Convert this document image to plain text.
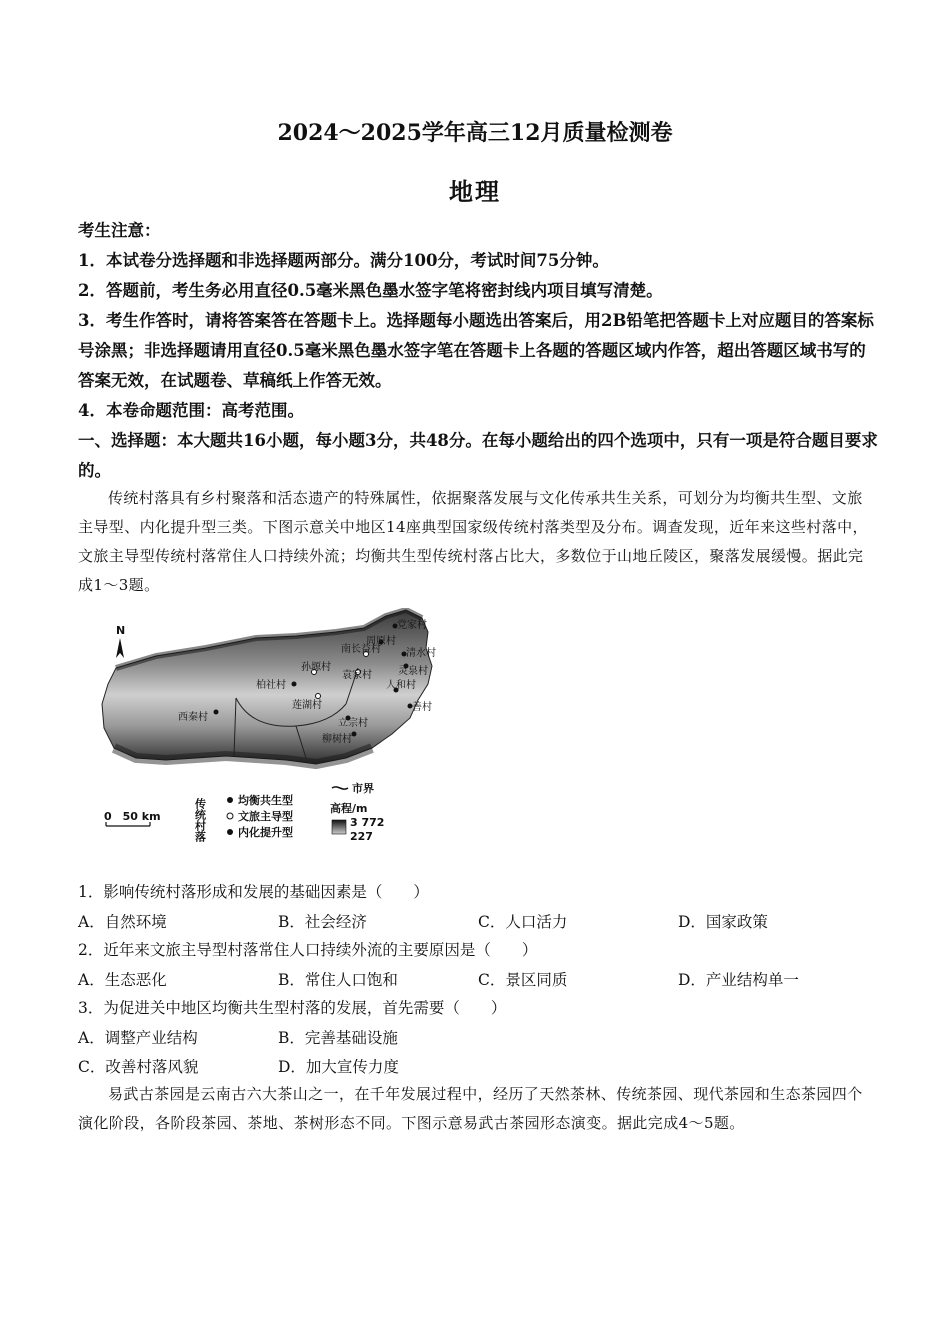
2024～2025学年高三12月质量检测卷
地理
考生注意：
1．本试卷分选择题和非选择题两部分。满分100分，考试时间75分钟。
2．答题前，考生务必用直径0.5毫米黑色墨水签字笔将密封线内项目填写清楚。
3．考生作答时，请将答案答在答题卡上。选择题每小题选出答案后，用2B铅笔把答题卡上对应题目的答案标号涂黑；非选择题请用直径0.5毫米黑色墨水签字笔在答题卡上各题的答题区域内作答，超出答题区域书写的答案无效，在试题卷、草稿纸上作答无效。
4．本卷命题范围：高考范围。
一、选择题：本大题共16小题，每小题3分，共48分。在每小题给出的四个选项中，只有一项是符合题目要求的。
传统村落具有乡村聚落和活态遗产的特殊属性，依据聚落发展与文化传承共生关系，可划分为均衡共生型、文旅主导型、内化提升型三类。下图示意关中地区14座典型国家级传统村落类型及分布。调查发现，近年来这些村落中，文旅主导型传统村落常住人口持续外流；均衡共生型传统村落占比大，多数位于山地丘陵区，聚落发展缓慢。据此完成1～3题。
N	党家村
周原村
南长益村	清水村
灵泉村
孙塬村
袁家村
人和村
柏社村
莲湖村
西秦村
善村
立宗村
柳树村
0　50 km	传统村落	均衡共生型
文旅主导型
内化提升型
市界
高程/m
3 772
227
1．影响传统村落形成和发展的基础因素是（　　）
A．自然环境	B．社会经济	C．人口活力	D．国家政策
2．近年来文旅主导型村落常住人口持续外流的主要原因是（　　）
A．生态恶化	B．常住人口饱和	C．景区同质	D．产业结构单一
3．为促进关中地区均衡共生型村落的发展，首先需要（　　）
A．调整产业结构	B．完善基础设施
C．改善村落风貌	D．加大宣传力度
易武古茶园是云南古六大茶山之一，在千年发展过程中，经历了天然茶林、传统茶园、现代茶园和生态茶园四个演化阶段，各阶段茶园、茶地、茶树形态不同。下图示意易武古茶园形态演变。据此完成4～5题。
